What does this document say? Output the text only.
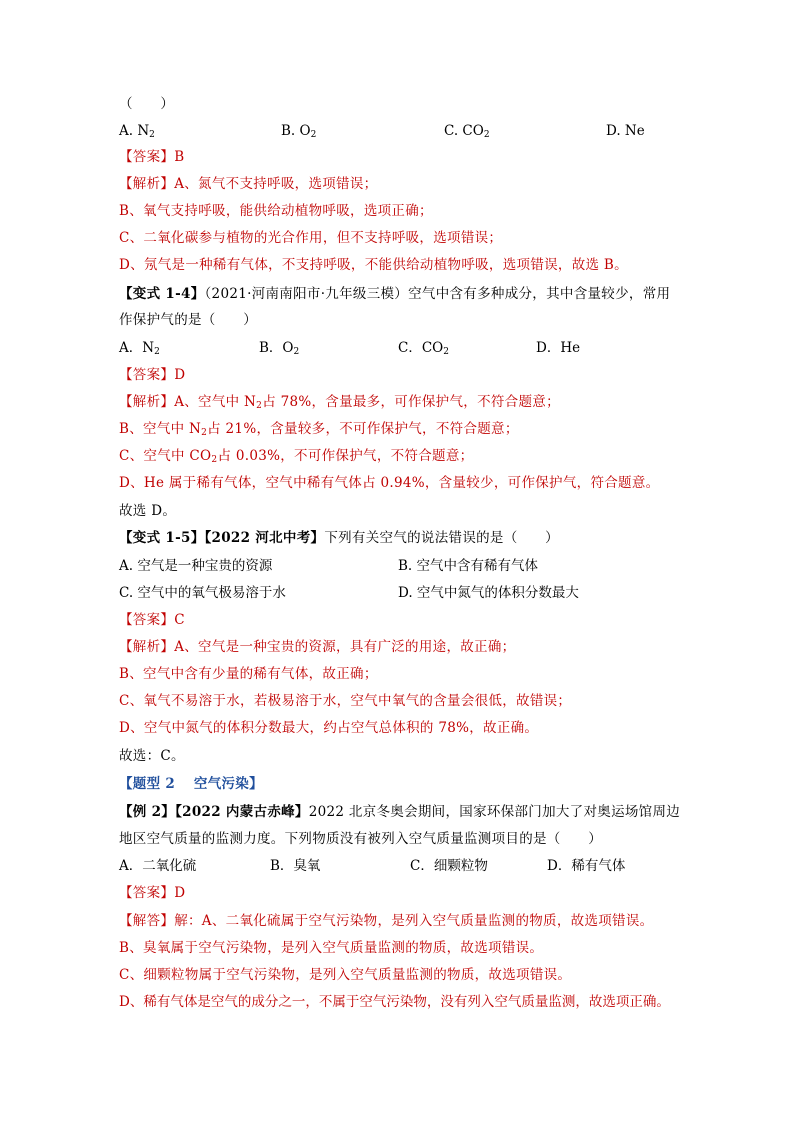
（　　）
A. $N_2$	B. $O_2$	C. $CO_2$	D. Ne
【答案】B
【解析】A、氮气不支持呼吸，选项错误；
B、氧气支持呼吸，能供给动植物呼吸，选项正确；
C、二氧化碳参与植物的光合作用，但不支持呼吸，选项错误；
D、氖气是一种稀有气体，不支持呼吸，不能供给动植物呼吸，选项错误，故选 B。
【变式 1-4】（2021·河南南阳市·九年级三模）空气中含有多种成分，其中含量较少，常用
作保护气的是（　　）
A．$N_2$	B．$O_2$	C．$CO_2$	D．He
【答案】D
【解析】A、空气中 $N_2$占 78%，含量最多，可作保护气，不符合题意；
B、空气中 $N_2$占 21%，含量较多，不可作保护气，不符合题意；
C、空气中 $CO_2$占 0.03%，不可作保护气，不符合题意；
D、He 属于稀有气体，空气中稀有气体占 0.94%，含量较少，可作保护气，符合题意。
故选 D。
【变式 1-5】【2022 河北中考】下列有关空气的说法错误的是（　　）
A. 空气是一种宝贵的资源	B. 空气中含有稀有气体
C. 空气中的氧气极易溶于水	D. 空气中氮气的体积分数最大
【答案】C
【解析】A、空气是一种宝贵的资源，具有广泛的用途，故正确；
B、空气中含有少量的稀有气体，故正确；
C、氧气不易溶于水，若极易溶于水，空气中氧气的含量会很低，故错误；
D、空气中氮气的体积分数最大，约占空气总体积的 78%，故正确。
故选：C。
【题型 2　 空气污染】
【例 2】【2022 内蒙古赤峰】2022 北京冬奥会期间，国家环保部门加大了对奥运场馆周边
地区空气质量的监测力度。下列物质没有被列入空气质量监测项目的是（　　）
A．二氧化硫	B．臭氧	C．细颗粒物	D．稀有气体
【答案】D
【解答】解：A、二氧化硫属于空气污染物，是列入空气质量监测的物质，故选项错误。
B、臭氧属于空气污染物，是列入空气质量监测的物质，故选项错误。
C、细颗粒物属于空气污染物，是列入空气质量监测的物质，故选项错误。
D、稀有气体是空气的成分之一，不属于空气污染物，没有列入空气质量监测，故选项正确。
